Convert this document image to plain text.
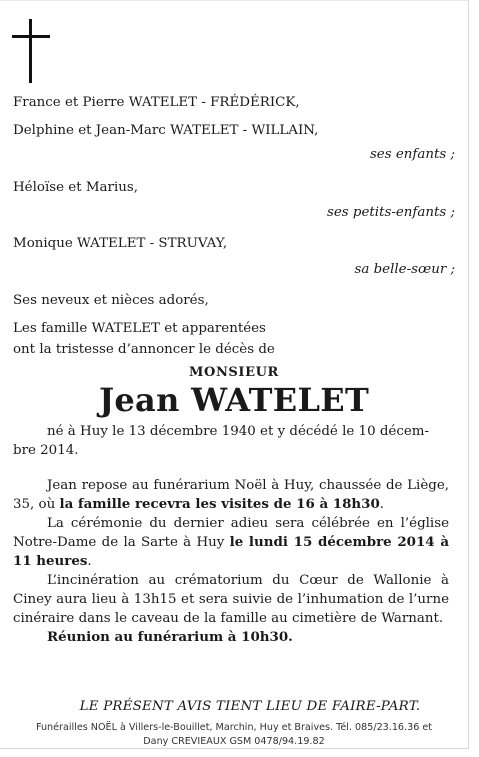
France et Pierre WATELET - FRÉDÉRICK,
Delphine et Jean-Marc WATELET - WILLAIN,
ses enfants ;
Héloïse et Marius,
ses petits-enfants ;
Monique WATELET - STRUVAY,
sa belle-sœur ;
Ses neveux et nièces adorés,
Les famille WATELET et apparentées
ont la tristesse d’annoncer le décès de
MONSIEUR
Jean WATELET

né à Huy le 13 décembre 1940 et y décédé le 10 décem-

bre 2014.

Jean repose au funérarium Noël à Huy, chaussée de Liège, 35, où la famille recevra les visites de 16 à 18h30.

La cérémonie du dernier adieu sera célébrée en l’église Notre-Dame de la Sarte à Huy le lundi 15 décembre 2014 à 11 heures.

L’incinération au crématorium du Cœur de Wallonie à Ciney aura lieu à 13h15 et sera suivie de l’inhumation de l’urne cinéraire dans le caveau de la famille au cimetière de Warnant.

Réunion au funérarium à 10h30.

LE PRÉSENT AVIS TIENT LIEU DE FAIRE-PART.
Funérailles NOËL à Villers-le-Bouillet, Marchin, Huy et Braives. Tél. 085/23.16.36 et
Dany CREVIEAUX GSM 0478/94.19.82
